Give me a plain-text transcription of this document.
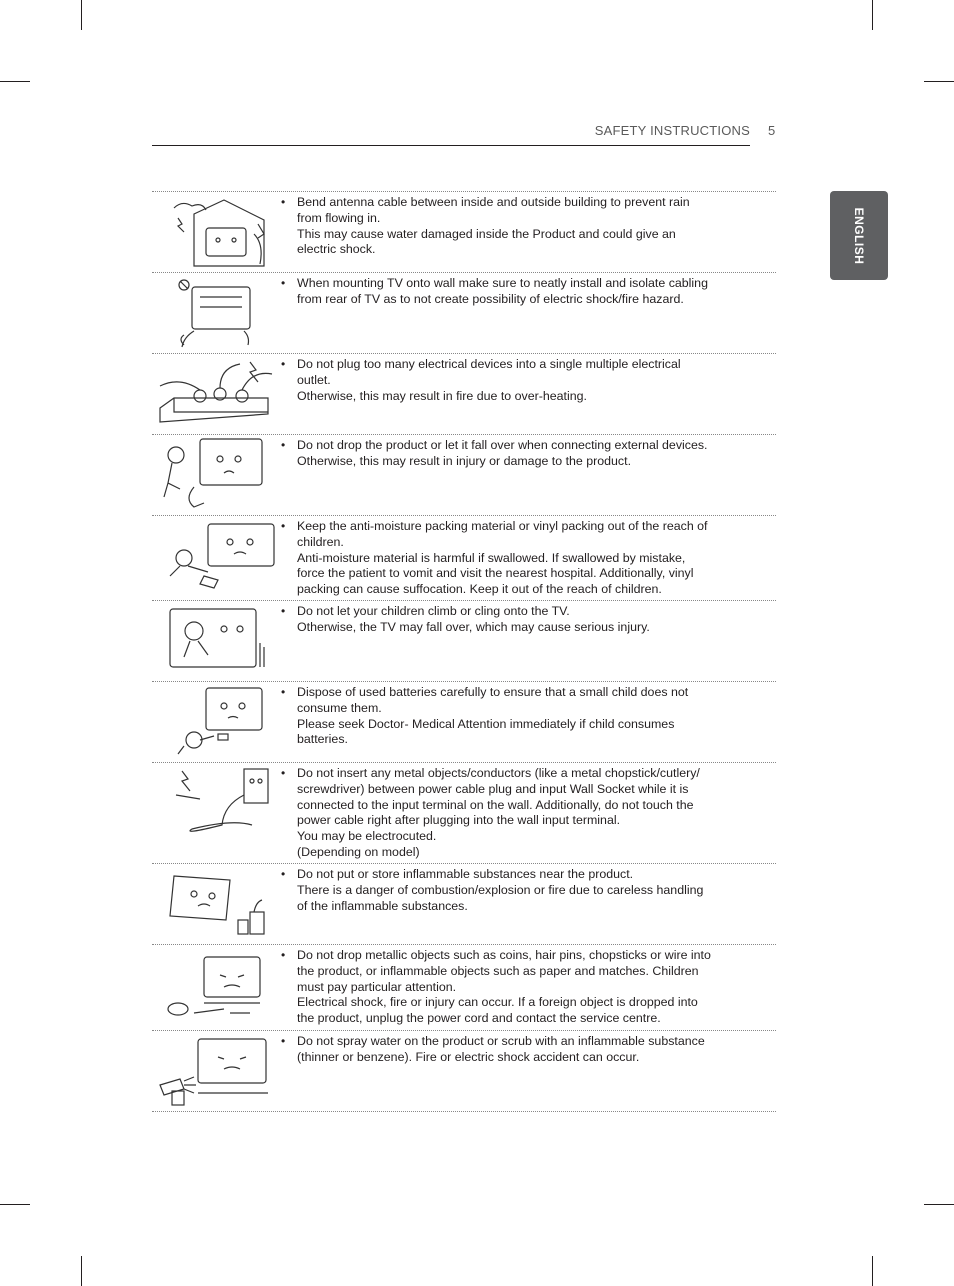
SAFETY INSTRUCTIONS 5
ENGLISH
• Bend antenna cable between inside and outside building to prevent rain
from flowing in.
This may cause water damaged inside the Product and could give an
electric shock.
• When mounting TV onto wall make sure to neatly install and isolate cabling
from rear of TV as to not create possibility of electric shock/fire hazard.
• Do not plug too many electrical devices into a single multiple electrical
outlet.
Otherwise, this may result in fire due to over-heating.
• Do not drop the product or let it fall over when connecting external devices.
Otherwise, this may result in injury or damage to the product.
• Keep the anti-moisture packing material or vinyl packing out of the reach of
children.
Anti-moisture material is harmful if swallowed. If swallowed by mistake,
force the patient to vomit and visit the nearest hospital. Additionally, vinyl
packing can cause suffocation. Keep it out of the reach of children.
• Do not let your children climb or cling onto the TV.
Otherwise, the TV may fall over, which may cause serious injury.
• Dispose of used batteries carefully to ensure that a small child does not
consume them.
Please seek Doctor- Medical Attention immediately if child consumes
batteries.
• Do not insert any metal objects/conductors (like a metal chopstick/cutlery/
screwdriver) between power cable plug and input Wall Socket while it is
connected to the input terminal on the wall. Additionally, do not touch the
power cable right after plugging into the wall input terminal.
You may be electrocuted.
(Depending on model)
• Do not put or store inflammable substances near the product.
There is a danger of combustion/explosion or fire due to careless handling
of the inflammable substances.
• Do not drop metallic objects such as coins, hair pins, chopsticks or wire into
the product, or inflammable objects such as paper and matches. Children
must pay particular attention.
Electrical shock, fire or injury can occur. If a foreign object is dropped into
the product, unplug the power cord and contact the service centre.
• Do not spray water on the product or scrub with an inflammable substance
(thinner or benzene). Fire or electric shock accident can occur.
